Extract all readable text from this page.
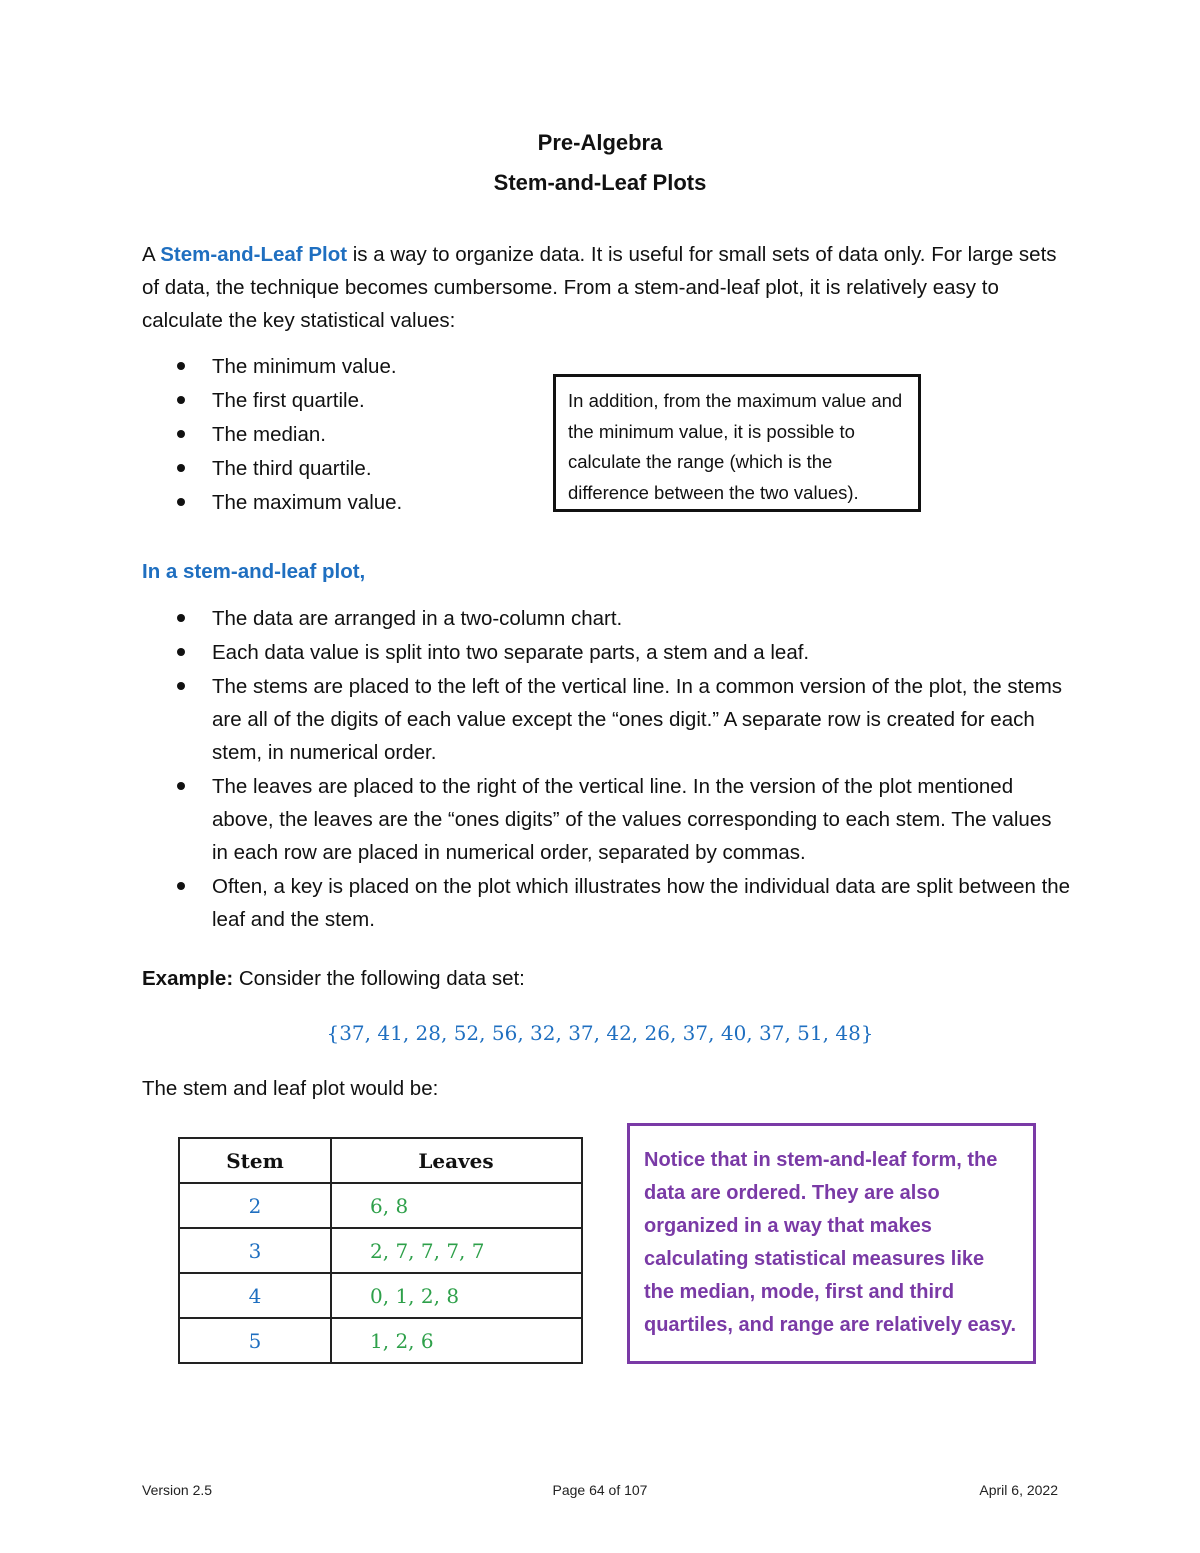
Pre-Algebra
Stem-and-Leaf Plots
A Stem-and-Leaf Plot is a way to organize data. It is useful for small sets of data only. For large sets of data, the technique becomes cumbersome. From a stem-and-leaf plot, it is relatively easy to calculate the key statistical values:
The minimum value.
The first quartile.
The median.
The third quartile.
The maximum value.
In addition, from the maximum value and the minimum value, it is possible to calculate the range (which is the difference between the two values).
In a stem-and-leaf plot,
The data are arranged in a two-column chart.
Each data value is split into two separate parts, a stem and a leaf.
The stems are placed to the left of the vertical line. In a common version of the plot, the stems are all of the digits of each value except the “ones digit.” A separate row is created for each stem, in numerical order.
The leaves are placed to the right of the vertical line. In the version of the plot mentioned above, the leaves are the “ones digits” of the values corresponding to each stem. The values in each row are placed in numerical order, separated by commas.
Often, a key is placed on the plot which illustrates how the individual data are split between the leaf and the stem.
Example: Consider the following data set:
{37, 41, 28, 52, 56, 32, 37, 42, 26, 37, 40, 37, 51, 48}
The stem and leaf plot would be:
Stem	Leaves
2	6, 8
3	2, 7, 7, 7, 7
4	0, 1, 2, 8
5	1, 2, 6
Notice that in stem-and-leaf form, the data are ordered. They are also organized in a way that makes calculating statistical measures like the median, mode, first and third quartiles, and range are relatively easy.
Version 2.5	Page 64 of 107	April 6, 2022
